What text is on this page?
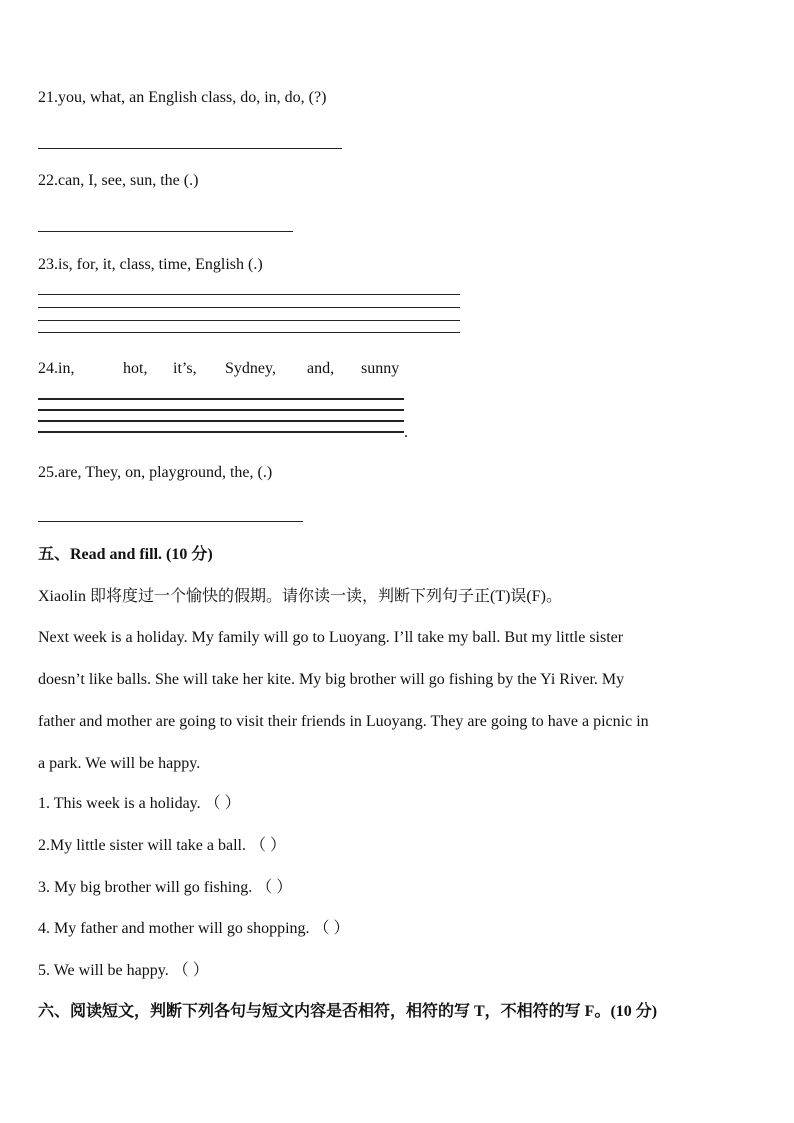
21.you, what, an English class, do, in, do, (?)
22.can, I, see, sun, the (.)
23.is, for, it, class, time, English (.)
24.in,	hot, it’s, Sydney, and, sunny
.
25.are, They, on, playground, the, (.)
五、Read and fill. (10 分)
Xiaolin 即将度过一个愉快的假期。请你读一读，判断下列句子正(T)误(F)。

Next week is a holiday. My family will go to Luoyang. I’ll take my ball. But my little sister

doesn’t like balls. She will take her kite. My big brother will go fishing by the Yi River. My

father and mother are going to visit their friends in Luoyang. They are going to have a picnic in

a park. We will be happy.

1. This week is a holiday. （ ）
2.My little sister will take a ball. （ ）
3. My big brother will go fishing. （ ）
4. My father and mother will go shopping. （ ）
5. We will be happy. （ ）
六、阅读短文，判断下列各句与短文内容是否相符，相符的写 T，不相符的写 F。(10 分)
